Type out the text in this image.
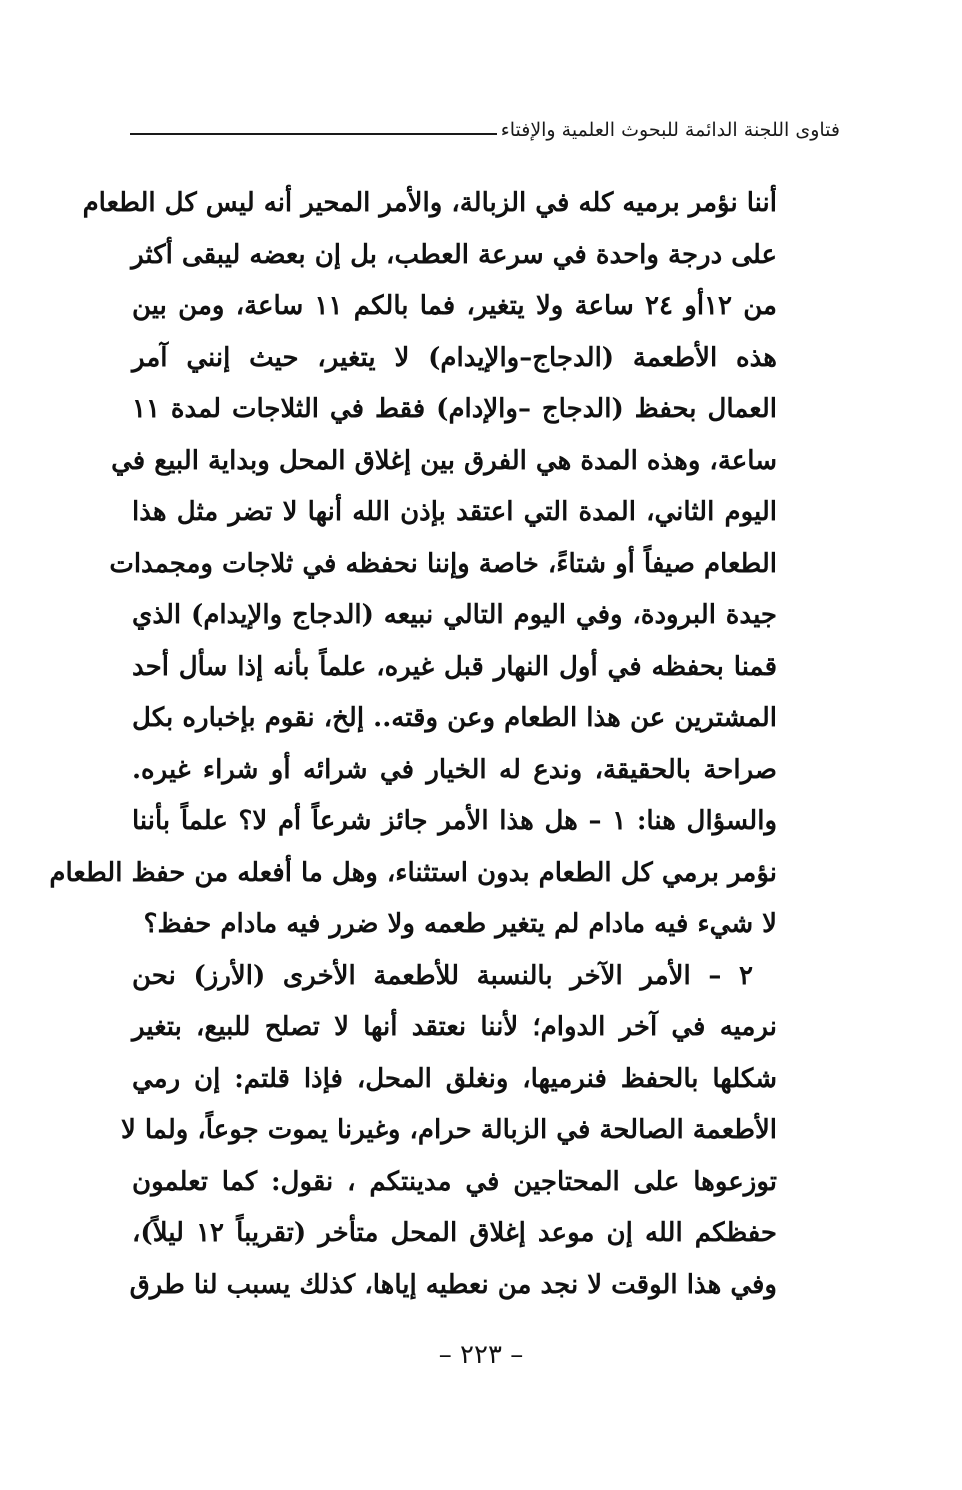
فتاوى اللجنة الدائمة للبحوث العلمية والإفتاء
أننا نؤمر برميه كله في الزبالة، والأمر المحير أنه ليس كل الطعام
على درجة واحدة في سرعة العطب، بل إن بعضه ليبقى أكثر
من ١٢أو ٢٤ ساعة ولا يتغير، فما بالكم ١١ ساعة، ومن بين
هذه الأطعمة (الدجاج–والإيدام) لا يتغير، حيث إنني آمر
العمال بحفظ (الدجاج –والإدام) فقط في الثلاجات لمدة ١١
ساعة، وهذه المدة هي الفرق بين إغلاق المحل وبداية البيع في
اليوم الثاني، المدة التي اعتقد بإذن الله أنها لا تضر مثل هذا
الطعام صيفاً أو شتاءً، خاصة وإننا نحفظه في ثلاجات ومجمدات
جيدة البرودة، وفي اليوم التالي نبيعه (الدجاج والإيدام) الذي
قمنا بحفظه في أول النهار قبل غيره، علماً بأنه إذا سأل أحد
المشترين عن هذا الطعام وعن وقته.. إلخ، نقوم بإخباره بكل
صراحة بالحقيقة، وندع له الخيار في شرائه أو شراء غيره.
والسؤال هنا: ١ – هل هذا الأمر جائز شرعاً أم لا؟ علماً بأننا
نؤمر برمي كل الطعام بدون استثناء، وهل ما أفعله من حفظ الطعام
لا شيء فيه مادام لم يتغير طعمه ولا ضرر فيه مادام حفظ؟
٢ – الأمر الآخر بالنسبة للأطعمة الأخرى (الأرز) نحن
نرميه في آخر الدوام؛ لأننا نعتقد أنها لا تصلح للبيع، بتغير
شكلها بالحفظ فنرميها، ونغلق المحل، فإذا قلتم: إن رمي
الأطعمة الصالحة في الزبالة حرام، وغيرنا يموت جوعاً، ولما لا
توزعوها على المحتاجين في مدينتكم ، نقول: كما تعلمون
حفظكم الله إن موعد إغلاق المحل متأخر (تقريباً ١٢ ليلاً)،
وفي هذا الوقت لا نجد من نعطيه إياها، كذلك يسبب لنا طرق
– ٢٢٣ –
